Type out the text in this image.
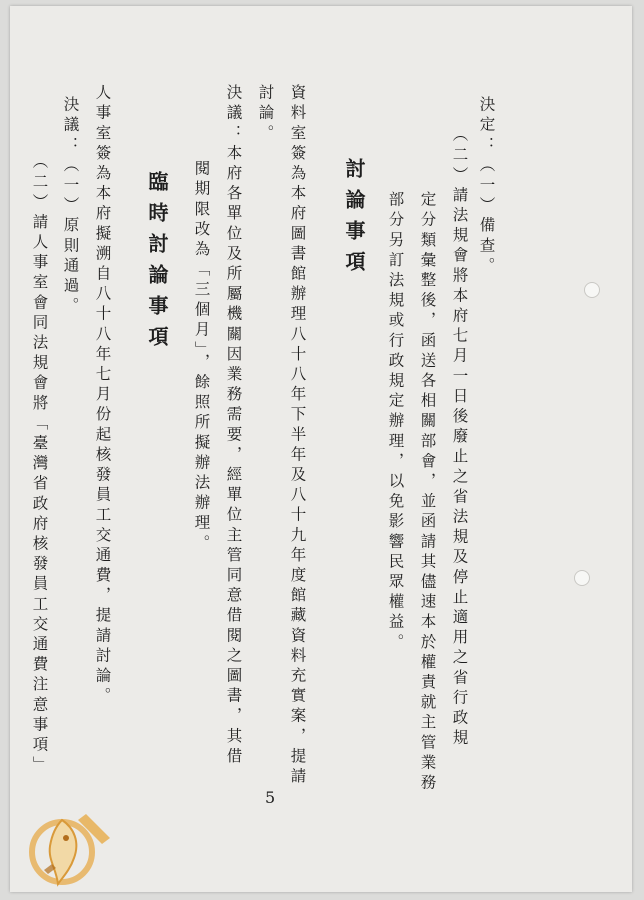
決定：（一）備查。
（二）請法規會將本府七月一日後廢止之省法規及停止適用之省行政規
定分類彙整後，函送各相關部會，並函請其儘速本於權責就主管業務
部分另訂法規或行政規定辦理，以免影響民眾權益。
討論事項
資料室簽為本府圖書館辦理八十八年下半年及八十九年度館藏資料充實案，提請
討論。
決議：本府各單位及所屬機關因業務需要，經單位主管同意借閱之圖書，其借
閱期限改為「三個月」，餘照所擬辦法辦理。
臨時討論事項
人事室簽為本府擬溯自八十八年七月份起核發員工交通費，提請討論。
決議：（一）原則通過。
（二）請人事室會同法規會將「臺灣省政府核發員工交通費注意事項」
5
